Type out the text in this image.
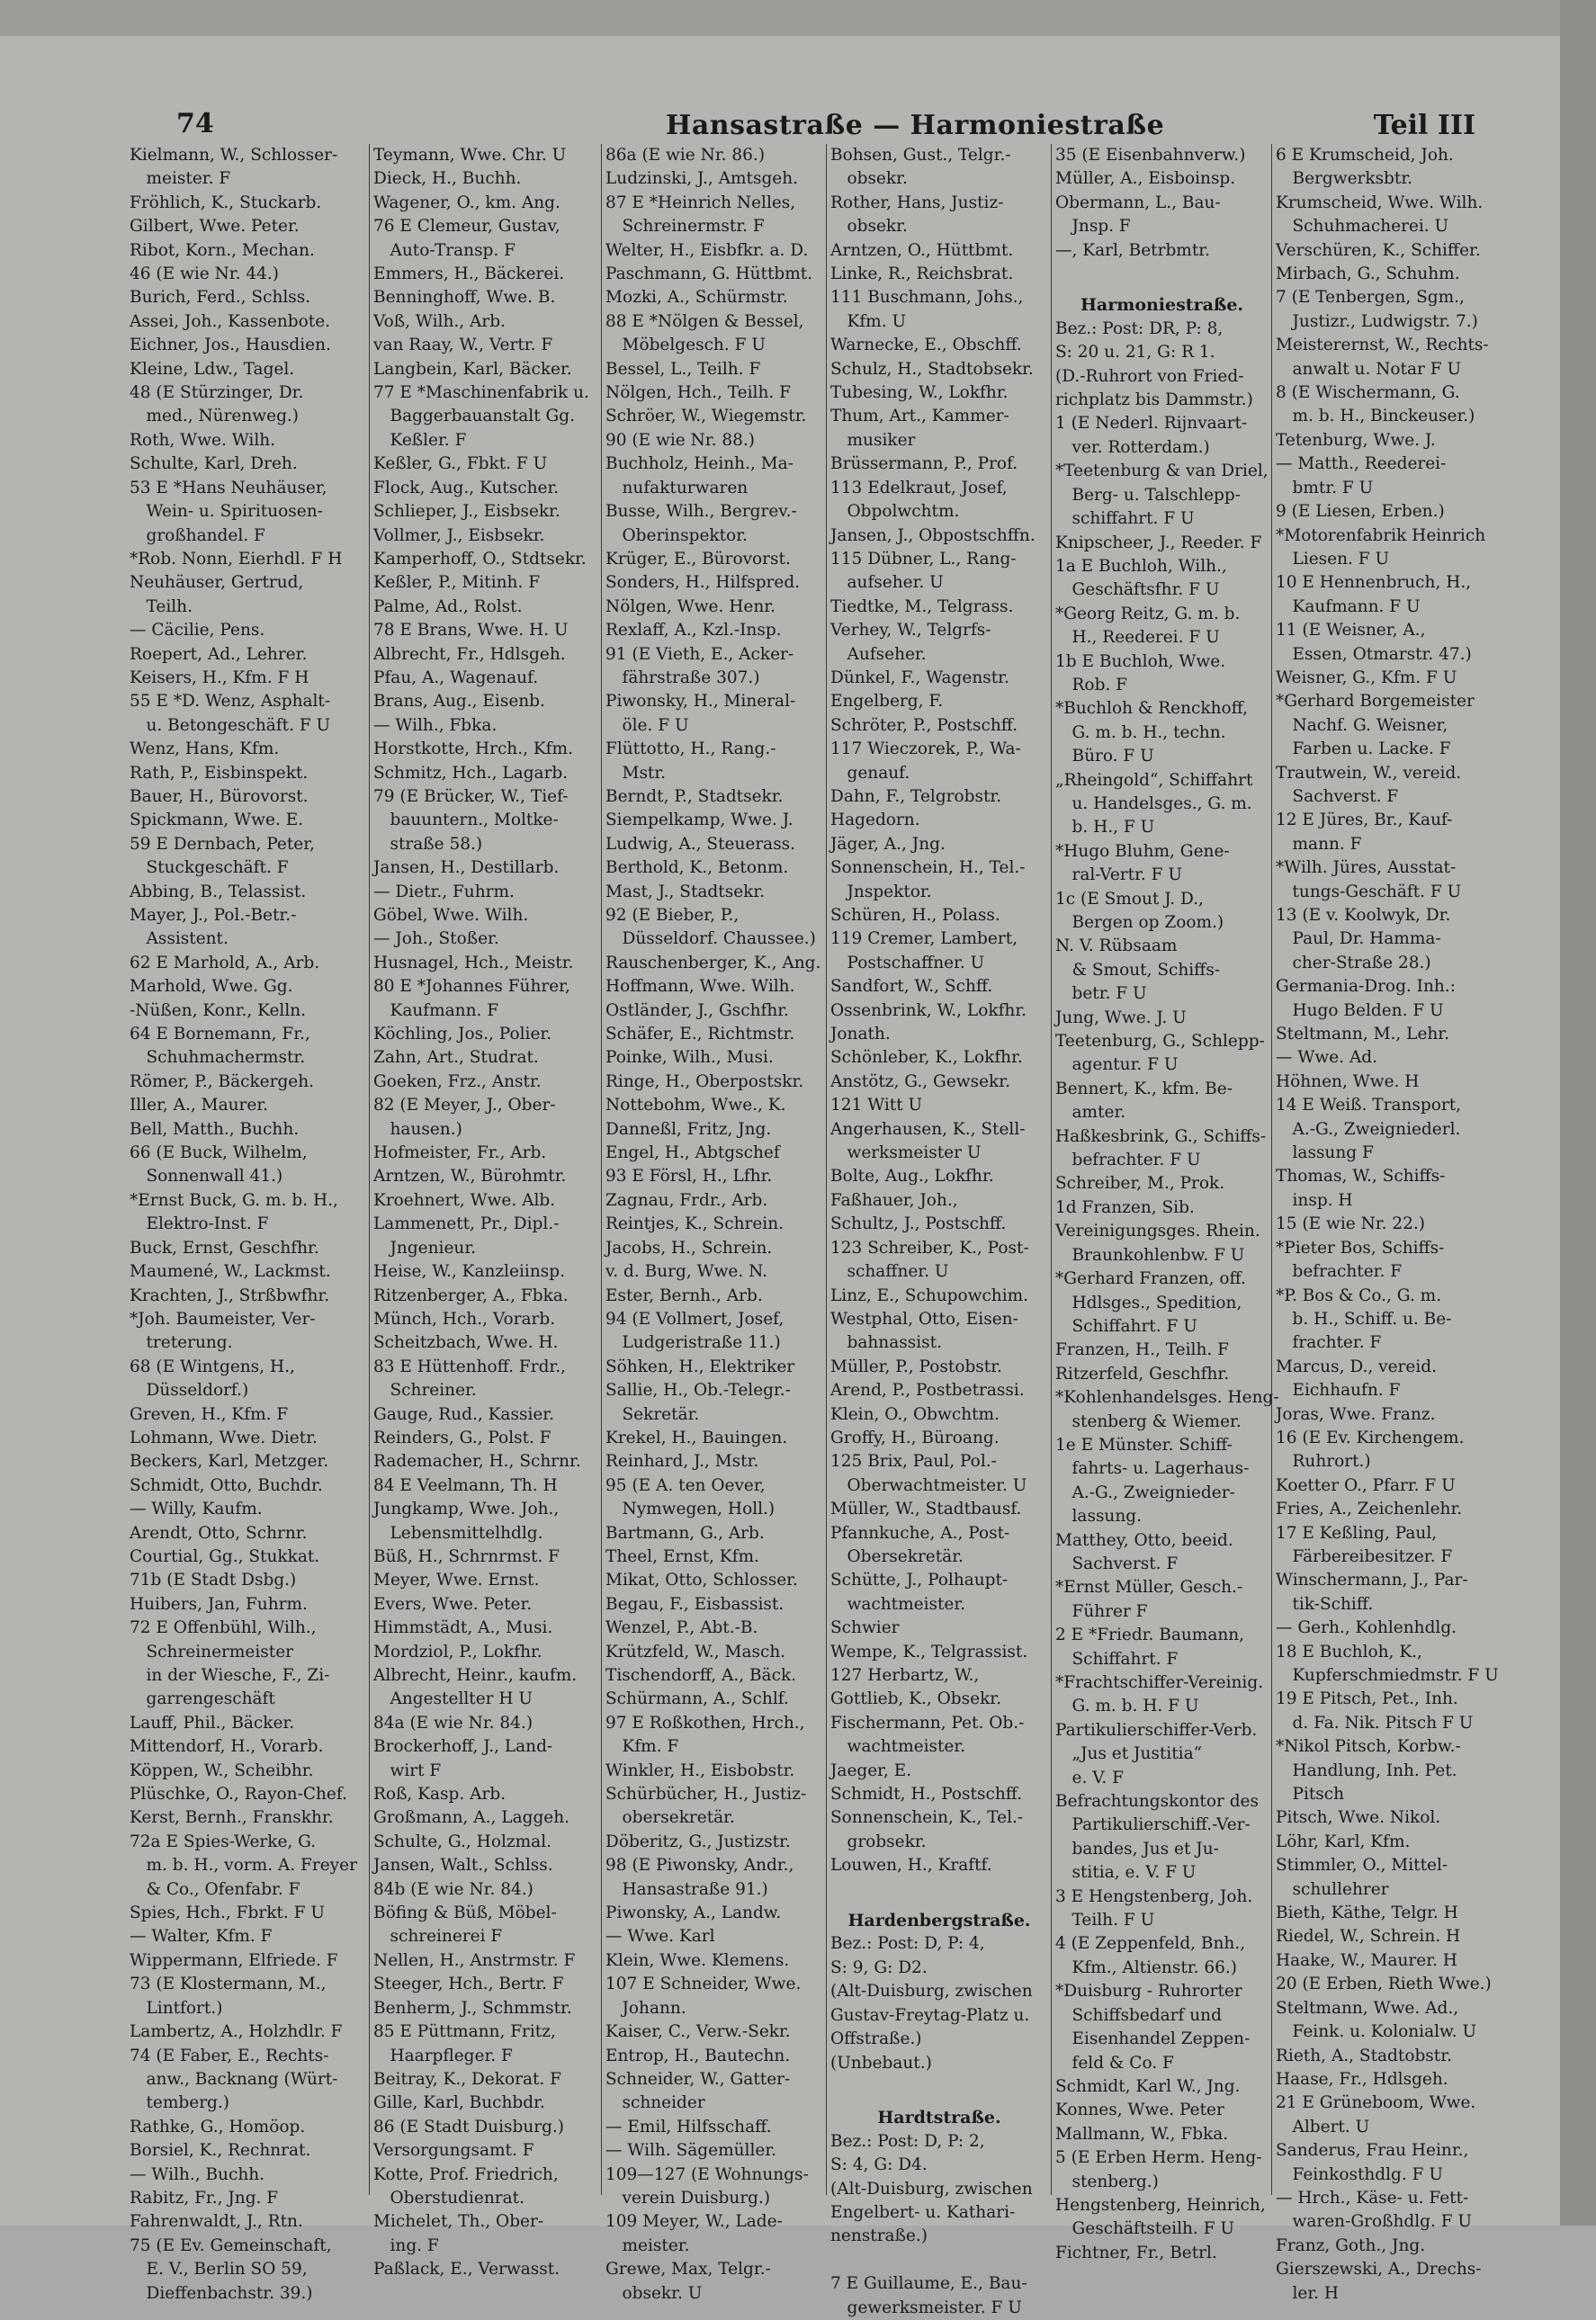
74	Hansastraße — Harmoniestraße	Teil III
Kielmann, W., Schlosser-
 meister. F
Fröhlich, K., Stuckarb.
Gilbert, Wwe. Peter.
Ribot, Korn., Mechan.
46 (E wie Nr. 44.)
Burich, Ferd., Schlss.
Assei, Joh., Kassenbote.
Eichner, Jos., Hausdien.
Kleine, Ldw., Tagel.
48 (E Stürzinger, Dr.
 med., Nürenweg.)
Roth, Wwe. Wilh.
Schulte, Karl, Dreh.
53 E *Hans Neuhäuser,
 Wein- u. Spirituosen-
 großhandel. F
*Rob. Nonn, Eierhdl. F H
Neuhäuser, Gertrud,
 Teilh.
— Cäcilie, Pens.
Roepert, Ad., Lehrer.
Keisers, H., Kfm. F H
55 E *D. Wenz, Asphalt-
 u. Betongeschäft. F U
Wenz, Hans, Kfm.
Rath, P., Eisbinspekt.
Bauer, H., Bürovorst.
Spickmann, Wwe. E.
59 E Dernbach, Peter,
 Stuckgeschäft. F
Abbing, B., Telassist.
Mayer, J., Pol.-Betr.-
 Assistent.
62 E Marhold, A., Arb.
Marhold, Wwe. Gg.
-Nüßen, Konr., Kelln.
64 E Bornemann, Fr.,
 Schuhmachermstr.
Römer, P., Bäckergeh.
Iller, A., Maurer.
Bell, Matth., Buchh.
66 (E Buck, Wilhelm,
 Sonnenwall 41.)
*Ernst Buck, G. m. b. H.,
 Elektro-Inst. F
Buck, Ernst, Geschfhr.
Maumené, W., Lackmst.
Krachten, J., Strßbwfhr.
*Joh. Baumeister, Ver-
 treterung.
68 (E Wintgens, H.,
 Düsseldorf.)
Greven, H., Kfm. F
Lohmann, Wwe. Dietr.
Beckers, Karl, Metzger.
Schmidt, Otto, Buchdr.
— Willy, Kaufm.
Arendt, Otto, Schrnr.
Courtial, Gg., Stukkat.
71b (E Stadt Dsbg.)
Huibers, Jan, Fuhrm.
72 E Offenbühl, Wilh.,
 Schreinermeister
 in der Wiesche, F., Zi-
 garrengeschäft
Lauff, Phil., Bäcker.
Mittendorf, H., Vorarb.
Köppen, W., Scheibhr.
Plüschke, O., Rayon-Chef.
Kerst, Bernh., Franskhr.
72a E Spies-Werke, G.
 m. b. H., vorm. A. Freyer
 & Co., Ofenfabr. F
Spies, Hch., Fbrkt. F U
— Walter, Kfm. F
Wippermann, Elfriede. F
73 (E Klostermann, M.,
 Lintfort.)
Lambertz, A., Holzhdlr. F
74 (E Faber, E., Rechts-
 anw., Backnang (Würt-
 temberg.)
Rathke, G., Homöop.
Borsiel, K., Rechnrat.
— Wilh., Buchh.
Rabitz, Fr., Jng. F
Fahrenwaldt, J., Rtn.
75 (E Ev. Gemeinschaft,
 E. V., Berlin SO 59,
 Dieffenbachstr. 39.)
Teymann, Wwe. Chr. U
Dieck, H., Buchh.
Wagener, O., km. Ang.
76 E Clemeur, Gustav,
 Auto-Transp. F
Emmers, H., Bäckerei.
Benninghoff, Wwe. B.
Voß, Wilh., Arb.
van Raay, W., Vertr. F
Langbein, Karl, Bäcker.
77 E *Maschinenfabrik u.
 Baggerbauanstalt Gg.
 Keßler. F
Keßler, G., Fbkt. F U
Flock, Aug., Kutscher.
Schlieper, J., Eisbsekr.
Vollmer, J., Eisbsekr.
Kamperhoff, O., Stdtsekr.
Keßler, P., Mitinh. F
Palme, Ad., Rolst.
78 E Brans, Wwe. H. U
Albrecht, Fr., Hdlsgeh.
Pfau, A., Wagenauf.
Brans, Aug., Eisenb.
— Wilh., Fbka.
Horstkotte, Hrch., Kfm.
Schmitz, Hch., Lagarb.
79 (E Brücker, W., Tief-
 bauuntern., Moltke-
 straße 58.)
Jansen, H., Destillarb.
— Dietr., Fuhrm.
Göbel, Wwe. Wilh.
— Joh., Stoßer.
Husnagel, Hch., Meistr.
80 E *Johannes Führer,
 Kaufmann. F
Köchling, Jos., Polier.
Zahn, Art., Studrat.
Goeken, Frz., Anstr.
82 (E Meyer, J., Ober-
 hausen.)
Hofmeister, Fr., Arb.
Arntzen, W., Bürohmtr.
Kroehnert, Wwe. Alb.
Lammenett, Pr., Dipl.-
 Jngenieur.
Heise, W., Kanzleiinsp.
Ritzenberger, A., Fbka.
Münch, Hch., Vorarb.
Scheitzbach, Wwe. H.
83 E Hüttenhoff. Frdr.,
 Schreiner.
Gauge, Rud., Kassier.
Reinders, G., Polst. F
Rademacher, H., Schrnr.
84 E Veelmann, Th. H
Jungkamp, Wwe. Joh.,
 Lebensmittelhdlg.
Büß, H., Schrnrmst. F
Meyer, Wwe. Ernst.
Evers, Wwe. Peter.
Himmstädt, A., Musi.
Mordziol, P., Lokfhr.
Albrecht, Heinr., kaufm.
 Angestellter H U
84a (E wie Nr. 84.)
Brockerhoff, J., Land-
 wirt F
Roß, Kasp. Arb.
Großmann, A., Laggeh.
Schulte, G., Holzmal.
Jansen, Walt., Schlss.
84b (E wie Nr. 84.)
Böfing & Büß, Möbel-
 schreinerei F
Nellen, H., Anstrmstr. F
Steeger, Hch., Bertr. F
Benherm, J., Schmmstr.
85 E Püttmann, Fritz,
 Haarpfleger. F
Beitray, K., Dekorat. F
Gille, Karl, Buchbdr.
86 (E Stadt Duisburg.)
Versorgungsamt. F
Kotte, Prof. Friedrich,
 Oberstudienrat.
Michelet, Th., Ober-
 ing. F
Paßlack, E., Verwasst.
86a (E wie Nr. 86.)
Ludzinski, J., Amtsgeh.
87 E *Heinrich Nelles,
 Schreinermstr. F
Welter, H., Eisbfkr. a. D.
Paschmann, G. Hüttbmt.
Mozki, A., Schürmstr.
88 E *Nölgen & Bessel,
 Möbelgesch. F U
Bessel, L., Teilh. F
Nölgen, Hch., Teilh. F
Schröer, W., Wiegemstr.
90 (E wie Nr. 88.)
Buchholz, Heinh., Ma-
 nufakturwaren
Busse, Wilh., Bergrev.-
 Oberinspektor.
Krüger, E., Bürovorst.
Sonders, H., Hilfspred.
Nölgen, Wwe. Henr.
Rexlaff, A., Kzl.-Insp.
91 (E Vieth, E., Acker-
 fährstraße 307.)
Piwonsky, H., Mineral-
 öle. F U
Flüttotto, H., Rang.-
 Mstr.
Berndt, P., Stadtsekr.
Siempelkamp, Wwe. J.
Ludwig, A., Steuerass.
Berthold, K., Betonm.
Mast, J., Stadtsekr.
92 (E Bieber, P.,
 Düsseldorf. Chaussee.)
Rauschenberger, K., Ang.
Hoffmann, Wwe. Wilh.
Ostländer, J., Gschfhr.
Schäfer, E., Richtmstr.
Poinke, Wilh., Musi.
Ringe, H., Oberpostskr.
Nottebohm, Wwe., K.
Danneßl, Fritz, Jng.
Engel, H., Abtgschef
93 E Försl, H., Lfhr.
Zagnau, Frdr., Arb.
Reintjes, K., Schrein.
Jacobs, H., Schrein.
v. d. Burg, Wwe. N.
Ester, Bernh., Arb.
94 (E Vollmert, Josef,
 Ludgeristraße 11.)
Söhken, H., Elektriker
Sallie, H., Ob.-Telegr.-
 Sekretär.
Krekel, H., Bauingen.
Reinhard, J., Mstr.
95 (E A. ten Oever,
 Nymwegen, Holl.)
Bartmann, G., Arb.
Theel, Ernst, Kfm.
Mikat, Otto, Schlosser.
Begau, F., Eisbassist.
Wenzel, P., Abt.-B.
Krützfeld, W., Masch.
Tischendorff, A., Bäck.
Schürmann, A., Schlf.
97 E Roßkothen, Hrch.,
 Kfm. F
Winkler, H., Eisbobstr.
Schürbücher, H., Justiz-
 obersekretär.
Döberitz, G., Justizstr.
98 (E Piwonsky, Andr.,
 Hansastraße 91.)
Piwonsky, A., Landw.
— Wwe. Karl
Klein, Wwe. Klemens.
107 E Schneider, Wwe.
 Johann.
Kaiser, C., Verw.-Sekr.
Entrop, H., Bautechn.
Schneider, W., Gatter-
 schneider
— Emil, Hilfsschaff.
— Wilh. Sägemüller.
109—127 (E Wohnungs-
 verein Duisburg.)
109 Meyer, W., Lade-
 meister.
Grewe, Max, Telgr.-
 obsekr. U
Bohsen, Gust., Telgr.-
 obsekr.
Rother, Hans, Justiz-
 obsekr.
Arntzen, O., Hüttbmt.
Linke, R., Reichsbrat.
111 Buschmann, Johs.,
 Kfm. U
Warnecke, E., Obschff.
Schulz, H., Stadtobsekr.
Tubesing, W., Lokfhr.
Thum, Art., Kammer-
 musiker
Brüssermann, P., Prof.
113 Edelkraut, Josef,
 Obpolwchtm.
Jansen, J., Obpostschffn.
115 Dübner, L., Rang-
 aufseher. U
Tiedtke, M., Telgrass.
Verhey, W., Telgrfs-
 Aufseher.
Dünkel, F., Wagenstr.
Engelberg, F.
Schröter, P., Postschff.
117 Wieczorek, P., Wa-
 genauf.
Dahn, F., Telgrobstr.
Hagedorn.
Jäger, A., Jng.
Sonnenschein, H., Tel.-
 Jnspektor.
Schüren, H., Polass.
119 Cremer, Lambert,
 Postschaffner. U
Sandfort, W., Schff.
Ossenbrink, W., Lokfhr.
Jonath.
Schönleber, K., Lokfhr.
Anstötz, G., Gewsekr.
121 Witt U
Angerhausen, K., Stell-
 werksmeister U
Bolte, Aug., Lokfhr.
Faßhauer, Joh.,
Schultz, J., Postschff.
123 Schreiber, K., Post-
 schaffner. U
Linz, E., Schupowchim.
Westphal, Otto, Eisen-
 bahnassist.
Müller, P., Postobstr.
Arend, P., Postbetrassi.
Klein, O., Obwchtm.
Groffy, H., Büroang.
125 Brix, Paul, Pol.-
 Oberwachtmeister. U
Müller, W., Stadtbausf.
Pfannkuche, A., Post-
 Obersekretär.
Schütte, J., Polhaupt-
 wachtmeister.
Schwier
Wempe, K., Telgrassist.
127 Herbartz, W.,
Gottlieb, K., Obsekr.
Fischermann, Pet. Ob.-
 wachtmeister.
Jaeger, E.
Schmidt, H., Postschff.
Sonnenschein, K., Tel.-
 grobsekr.
Louwen, H., Kraftf.

Hardenbergstraße.
Bez.: Post: D, P: 4,
S: 9, G: D2.
(Alt-Duisburg, zwischen
Gustav-Freytag-Platz u.
Offstraße.)
(Unbebaut.)

Hardtstraße.
Bez.: Post: D, P: 2,
S: 4, G: D4.
(Alt-Duisburg, zwischen
Engelbert- u. Kathari-
nenstraße.)

7 E Guillaume, E., Bau-
 gewerksmeister. F U
35 (E Eisenbahnverw.)
Müller, A., Eisboinsp.
Obermann, L., Bau-
 Jnsp. F
—, Karl, Betrbmtr.

Harmoniestraße.
Bez.: Post: DR, P: 8,
S: 20 u. 21, G: R 1.
(D.-Ruhrort von Fried-
richplatz bis Dammstr.)
1 (E Nederl. Rijnvaart-
 ver. Rotterdam.)
*Teetenburg & van Driel,
 Berg- u. Talschlepp-
 schiffahrt. F U
Knipscheer, J., Reeder. F
1a E Buchloh, Wilh.,
 Geschäftsfhr. F U
*Georg Reitz, G. m. b.
 H., Reederei. F U
1b E Buchloh, Wwe.
 Rob. F
*Buchloh & Renckhoff,
 G. m. b. H., techn.
 Büro. F U
„Rheingold“, Schiffahrt
 u. Handelsges., G. m.
 b. H., F U
*Hugo Bluhm, Gene-
 ral-Vertr. F U
1c (E Smout J. D.,
 Bergen op Zoom.)
N. V. Rübsaam
 & Smout, Schiffs-
 betr. F U
Jung, Wwe. J. U
Teetenburg, G., Schlepp-
 agentur. F U
Bennert, K., kfm. Be-
 amter.
Haßkesbrink, G., Schiffs-
 befrachter. F U
Schreiber, M., Prok.
1d Franzen, Sib.
Vereinigungsges. Rhein.
 Braunkohlenbw. F U
*Gerhard Franzen, off.
 Hdlsges., Spedition,
 Schiffahrt. F U
Franzen, H., Teilh. F
Ritzerfeld, Geschfhr.
*Kohlenhandelsges. Heng-
 stenberg & Wiemer.
1e E Münster. Schiff-
 fahrts- u. Lagerhaus-
 A.-G., Zweignieder-
 lassung.
Matthey, Otto, beeid.
 Sachverst. F
*Ernst Müller, Gesch.-
 Führer F
2 E *Friedr. Baumann,
 Schiffahrt. F
*Frachtschiffer-Vereinig.
 G. m. b. H. F U
Partikulierschiffer-Verb.
 „Jus et Justitia“
 e. V. F
Befrachtungskontor des
 Partikulierschiff.-Ver-
 bandes, Jus et Ju-
 stitia, e. V. F U
3 E Hengstenberg, Joh.
 Teilh. F U
4 (E Zeppenfeld, Bnh.,
 Kfm., Altienstr. 66.)
*Duisburg - Ruhrorter
 Schiffsbedarf und
 Eisenhandel Zeppen-
 feld & Co. F
Schmidt, Karl W., Jng.
Konnes, Wwe. Peter
Mallmann, W., Fbka.
5 (E Erben Herm. Heng-
 stenberg.)
Hengstenberg, Heinrich,
 Geschäftsteilh. F U
Fichtner, Fr., Betrl.
6 E Krumscheid, Joh.
 Bergwerksbtr.
Krumscheid, Wwe. Wilh.
 Schuhmacherei. U
Verschüren, K., Schiffer.
Mirbach, G., Schuhm.
7 (E Tenbergen, Sgm.,
 Justizr., Ludwigstr. 7.)
Meisterernst, W., Rechts-
 anwalt u. Notar F U
8 (E Wischermann, G.
 m. b. H., Binckeuser.)
Tetenburg, Wwe. J.
— Matth., Reederei-
 bmtr. F U
9 (E Liesen, Erben.)
*Motorenfabrik Heinrich
 Liesen. F U
10 E Hennenbruch, H.,
 Kaufmann. F U
11 (E Weisner, A.,
 Essen, Otmarstr. 47.)
Weisner, G., Kfm. F U
*Gerhard Borgemeister
 Nachf. G. Weisner,
 Farben u. Lacke. F
Trautwein, W., vereid.
 Sachverst. F
12 E Jüres, Br., Kauf-
 mann. F
*Wilh. Jüres, Ausstat-
 tungs-Geschäft. F U
13 (E v. Koolwyk, Dr.
 Paul, Dr. Hamma-
 cher-Straße 28.)
Germania-Drog. Inh.:
 Hugo Belden. F U
Steltmann, M., Lehr.
— Wwe. Ad.
Höhnen, Wwe. H
14 E Weiß. Transport,
 A.-G., Zweigniederl.
 lassung F
Thomas, W., Schiffs-
 insp. H
15 (E wie Nr. 22.)
*Pieter Bos, Schiffs-
 befrachter. F
*P. Bos & Co., G. m.
 b. H., Schiff. u. Be-
 frachter. F
Marcus, D., vereid.
 Eichhaufn. F
Joras, Wwe. Franz.
16 (E Ev. Kirchengem.
 Ruhrort.)
Koetter O., Pfarr. F U
Fries, A., Zeichenlehr.
17 E Keßling, Paul,
 Färbereibesitzer. F
Winschermann, J., Par-
 tik-Schiff.
— Gerh., Kohlenhdlg.
18 E Buchloh, K.,
 Kupferschmiedmstr. F U
19 E Pitsch, Pet., Inh.
 d. Fa. Nik. Pitsch F U
*Nikol Pitsch, Korbw.-
 Handlung, Inh. Pet.
 Pitsch
Pitsch, Wwe. Nikol.
Löhr, Karl, Kfm.
Stimmler, O., Mittel-
 schullehrer
Bieth, Käthe, Telgr. H
Riedel, W., Schrein. H
Haake, W., Maurer. H
20 (E Erben, Rieth Wwe.)
Steltmann, Wwe. Ad.,
 Feink. u. Kolonialw. U
Rieth, A., Stadtobstr.
Haase, Fr., Hdlsgeh.
21 E Grüneboom, Wwe.
 Albert. U
Sanderus, Frau Heinr.,
 Feinkosthdlg. F U
— Hrch., Käse- u. Fett-
 waren-Großhdlg. F U
Franz, Goth., Jng.
Gierszewski, A., Drechs-
 ler. H
